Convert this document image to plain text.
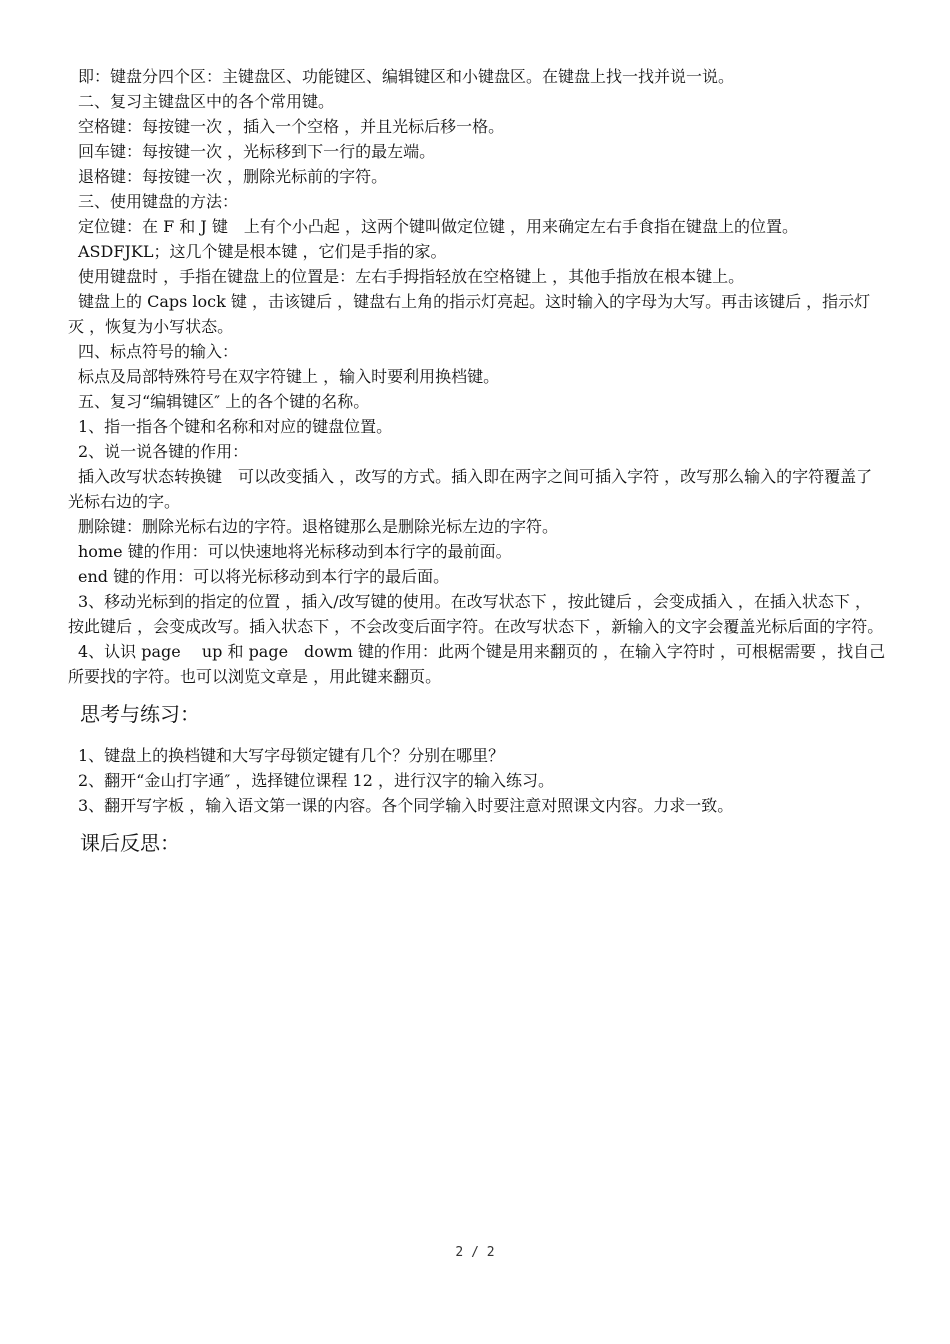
即：键盘分四个区：主键盘区、功能键区、编辑键区和小键盘区。在键盘上找一找并说一说。

二、复习主键盘区中的各个常用键。

空格键：每按键一次 ，插入一个空格 ，并且光标后移一格。

回车键：每按键一次 ，光标移到下一行的最左端。

退格键：每按键一次 ，删除光标前的字符。

三、使用键盘的方法：

定位键：在 F 和 J 键　上有个小凸起 ，这两个键叫做定位键 ，用来确定左右手食指在键盘上的位置。

ASDFJKL；这几个键是根本键 ，它们是手指的家。

使用键盘时 ，手指在键盘上的位置是：左右手拇指轻放在空格键上 ，其他手指放在根本键上。

键盘上的 Caps lock 键 ，击该键后 ，键盘右上角的指示灯亮起。这时输入的字母为大写。再击该键后 ，指示灯灭 ，恢复为小写状态。

四、标点符号的输入：

标点及局部特殊符号在双字符键上 ，输入时要利用换档键。

五、复习“编辑键区″ 上的各个键的名称。

1、指一指各个键和名称和对应的键盘位置。

2、说一说各键的作用：

插入改写状态转换键　可以改变插入 ，改写的方式。插入即在两字之间可插入字符 ，改写那么输入的字符覆盖了光标右边的字。

删除键：删除光标右边的字符。退格键那么是删除光标左边的字符。

home 键的作用：可以快速地将光标移动到本行字的最前面。

end 键的作用：可以将光标移动到本行字的最后面。

3、移动光标到的指定的位置 ，插入/改写键的使用。在改写状态下 ，按此键后 ，会变成插入 ，在插入状态下 ，按此键后 ，会变成改写。插入状态下 ，不会改变后面字符。在改写状态下 ，新输入的文字会覆盖光标后面的字符。

4、认识 page　 up 和 page　dowm 键的作用：此两个键是用来翻页的 ，在输入字符时 ，可根椐需要 ，找自己所要找的字符。也可以浏览文章是 ，用此键来翻页。

思考与练习：

1、键盘上的换档键和大写字母锁定键有几个？分别在哪里？

2、翻开“金山打字通″ ，选择键位课程 12 ，进行汉字的输入练习。

3、翻开写字板 ，输入语文第一课的内容。各个同学输入时要注意对照课文内容。力求一致。

课后反思：
2 / 2
